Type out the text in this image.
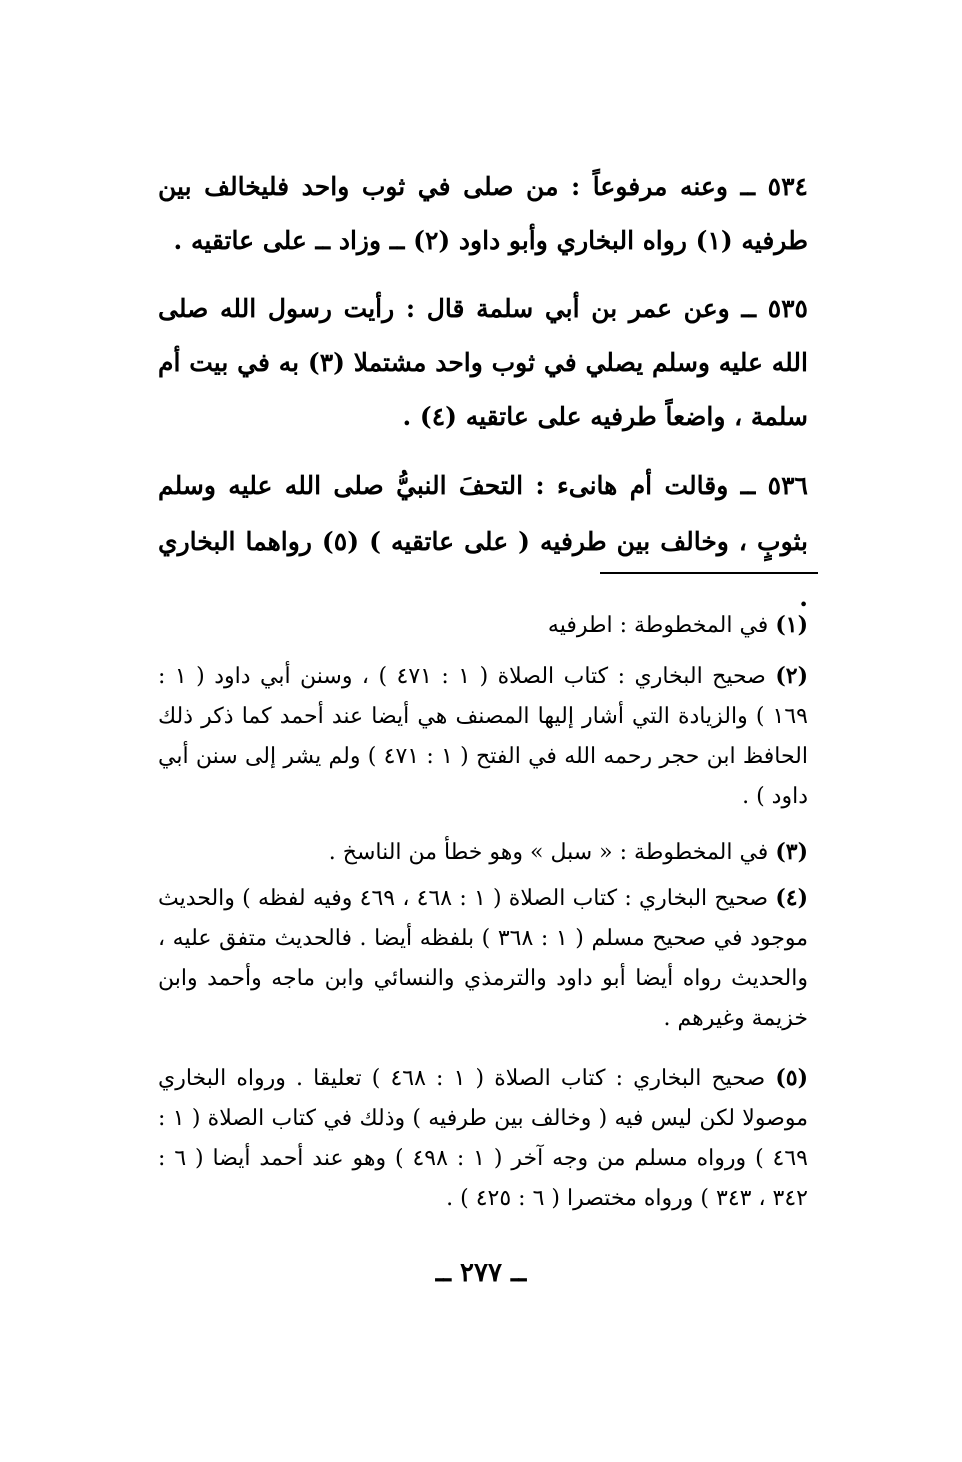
٥٣٤ ــ وعنه مرفوعاً : من صلى في ثوب واحد فليخالف بين طرفيه (١) رواه البخاري وأبو داود (٢) ــ وزاد ــ على عاتقيه .

٥٣٥ ــ وعن عمر بن أبي سلمة قال : رأيت رسول الله صلى الله عليه وسلم يصلي في ثوب واحد مشتملا (٣) به في بيت أم سلمة ، واضعاً طرفيه على عاتقيه (٤) .

٥٣٦ ــ وقالت أم هانىء : التحفَ النبيُّ صلى الله عليه وسلم بثوبٍ ، وخالف بين طرفيه ( على عاتقيه ) (٥) رواهما البخاري .

(١) في المخطوطة : اطرفيه

(٢) صحيح البخاري : كتاب الصلاة ( ١ : ٤٧١ ) ، وسنن أبي داود ( ١ : ١٦٩ ) والزيادة التي أشار إليها المصنف هي أيضا عند أحمد كما ذكر ذلك الحافظ ابن حجر رحمه الله في الفتح ( ١ : ٤٧١ ) ولم يشر إلى سنن أبي داود ) .

(٣) في المخطوطة : « سبل » وهو خطأ من الناسخ .

(٤) صحيح البخاري : كتاب الصلاة ( ١ : ٤٦٨ ، ٤٦٩ وفيه لفظه ) والحديث موجود في صحيح مسلم ( ١ : ٣٦٨ ) بلفظه أيضا . فالحديث متفق عليه ، والحديث رواه أيضا أبو داود والترمذي والنسائي وابن ماجه وأحمد وابن خزيمة وغيرهم .

(٥) صحيح البخاري : كتاب الصلاة ( ١ : ٤٦٨ ) تعليقا . ورواه البخاري موصولا لكن ليس فيه ( وخالف بين طرفيه ) وذلك في كتاب الصلاة ( ١ : ٤٦٩ ) ورواه مسلم من وجه آخر ( ١ : ٤٩٨ ) وهو عند أحمد أيضا ( ٦ : ٣٤٢ ، ٣٤٣ ) ورواه مختصرا ( ٦ : ٤٢٥ ) .

ــ ٢٧٧ ــ
